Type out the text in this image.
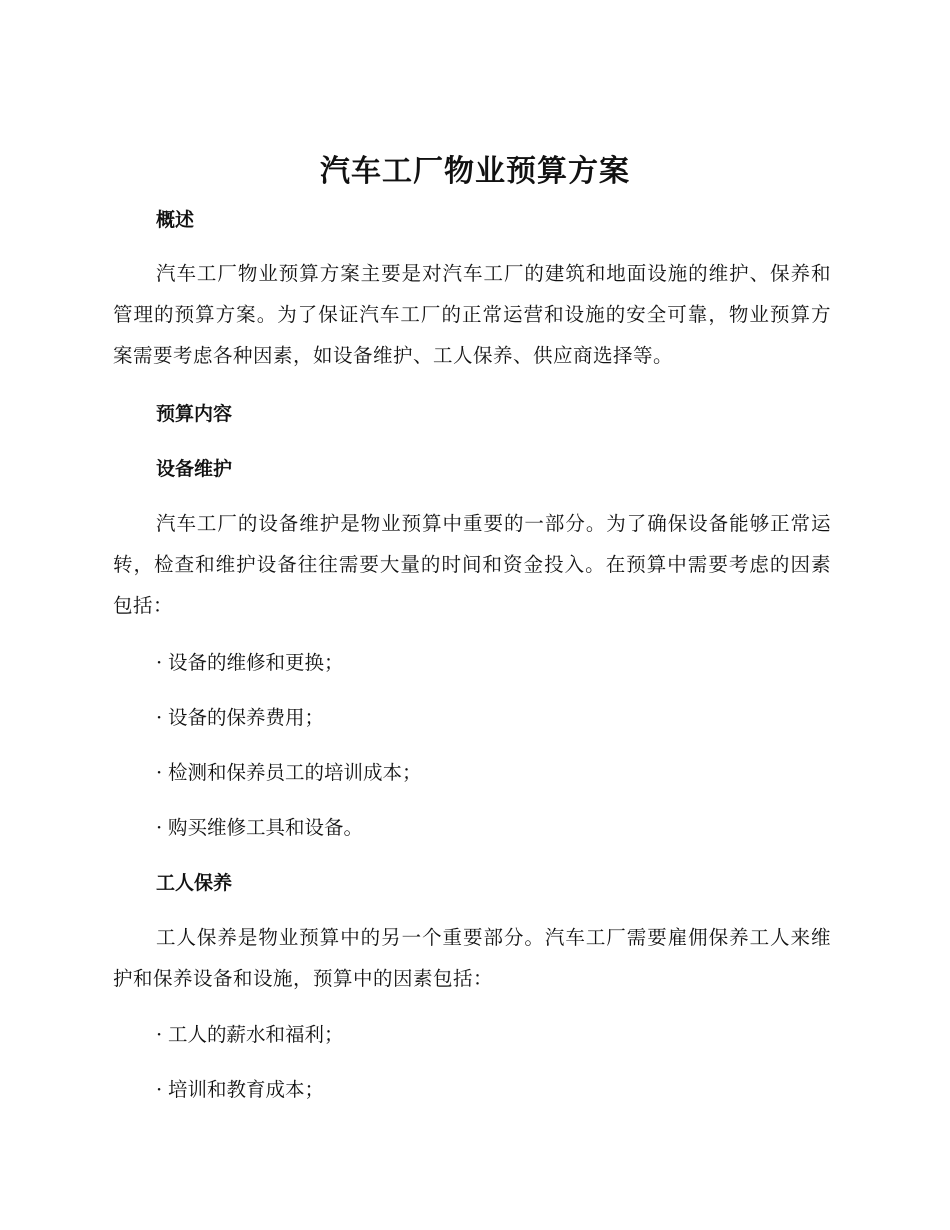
汽车工厂物业预算方案
概述

汽车工厂物业预算方案主要是对汽车工厂的建筑和地面设施的维护、保养和管理的预算方案。为了保证汽车工厂的正常运营和设施的安全可靠，物业预算方案需要考虑各种因素，如设备维护、工人保养、供应商选择等。

预算内容
设备维护

汽车工厂的设备维护是物业预算中重要的一部分。为了确保设备能够正常运转，检查和维护设备往往需要大量的时间和资金投入。在预算中需要考虑的因素包括：

· 设备的维修和更换；

· 设备的保养费用；

· 检测和保养员工的培训成本；

· 购买维修工具和设备。

工人保养

工人保养是物业预算中的另一个重要部分。汽车工厂需要雇佣保养工人来维护和保养设备和设施，预算中的因素包括：

· 工人的薪水和福利；

· 培训和教育成本；
